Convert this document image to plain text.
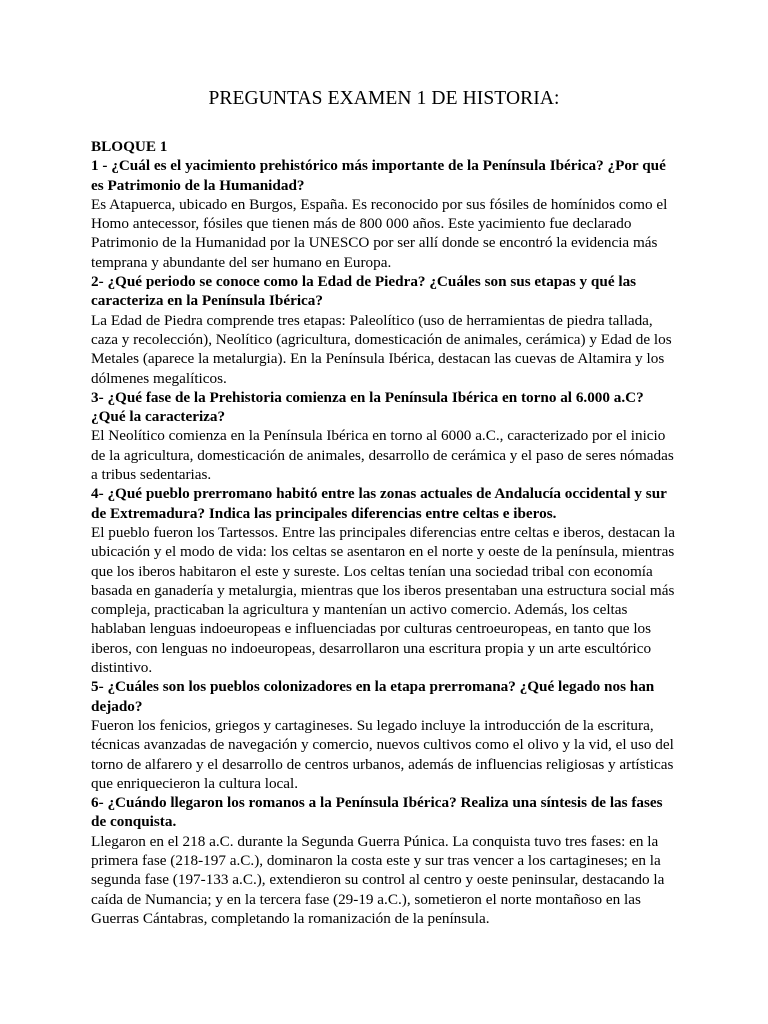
PREGUNTAS EXAMEN 1 DE HISTORIA:

BLOQUE 1

1 - ¿Cuál es el yacimiento prehistórico más importante de la Península Ibérica? ¿Por qué es Patrimonio de la Humanidad?

Es Atapuerca, ubicado en Burgos, España. Es reconocido por sus fósiles de homínidos como el Homo antecessor, fósiles que tienen más de 800 000 años. Este yacimiento fue declarado Patrimonio de la Humanidad por la UNESCO por ser allí donde se encontró la evidencia más temprana y abundante del ser humano en Europa.

2- ¿Qué periodo se conoce como la Edad de Piedra? ¿Cuáles son sus etapas y qué las caracteriza en la Península Ibérica?

La Edad de Piedra comprende tres etapas: Paleolítico (uso de herramientas de piedra tallada, caza y recolección), Neolítico (agricultura, domesticación de animales, cerámica) y Edad de los Metales (aparece la metalurgia). En la Península Ibérica, destacan las cuevas de Altamira y los dólmenes megalíticos.

3- ¿Qué fase de la Prehistoria comienza en la Península Ibérica en torno al 6.000 a.C? ¿Qué la caracteriza?

El Neolítico comienza en la Península Ibérica en torno al 6000 a.C., caracterizado por el inicio de la agricultura, domesticación de animales, desarrollo de cerámica y el paso de seres nómadas a tribus sedentarias.

4- ¿Qué pueblo prerromano habitó entre las zonas actuales de Andalucía occidental y sur de Extremadura? Indica las principales diferencias entre celtas e iberos.

El pueblo fueron los Tartessos. Entre las principales diferencias entre celtas e iberos, destacan la ubicación y el modo de vida: los celtas se asentaron en el norte y oeste de la península, mientras que los iberos habitaron el este y sureste. Los celtas tenían una sociedad tribal con economía basada en ganadería y metalurgia, mientras que los iberos presentaban una estructura social más compleja, practicaban la agricultura y mantenían un activo comercio. Además, los celtas hablaban lenguas indoeuropeas e influenciadas por culturas centroeuropeas, en tanto que los iberos, con lenguas no indoeuropeas, desarrollaron una escritura propia y un arte escultórico distintivo.

5- ¿Cuáles son los pueblos colonizadores en la etapa prerromana? ¿Qué legado nos han dejado?

Fueron los fenicios, griegos y cartagineses. Su legado incluye la introducción de la escritura, técnicas avanzadas de navegación y comercio, nuevos cultivos como el olivo y la vid, el uso del torno de alfarero y el desarrollo de centros urbanos, además de influencias religiosas y artísticas que enriquecieron la cultura local.

6- ¿Cuándo llegaron los romanos a la Península Ibérica? Realiza una síntesis de las fases de conquista.

Llegaron en el 218 a.C. durante la Segunda Guerra Púnica. La conquista tuvo tres fases: en la primera fase (218-197 a.C.), dominaron la costa este y sur tras vencer a los cartagineses; en la segunda fase (197-133 a.C.), extendieron su control al centro y oeste peninsular, destacando la caída de Numancia; y en la tercera fase (29-19 a.C.), sometieron el norte montañoso en las Guerras Cántabras, completando la romanización de la península.
